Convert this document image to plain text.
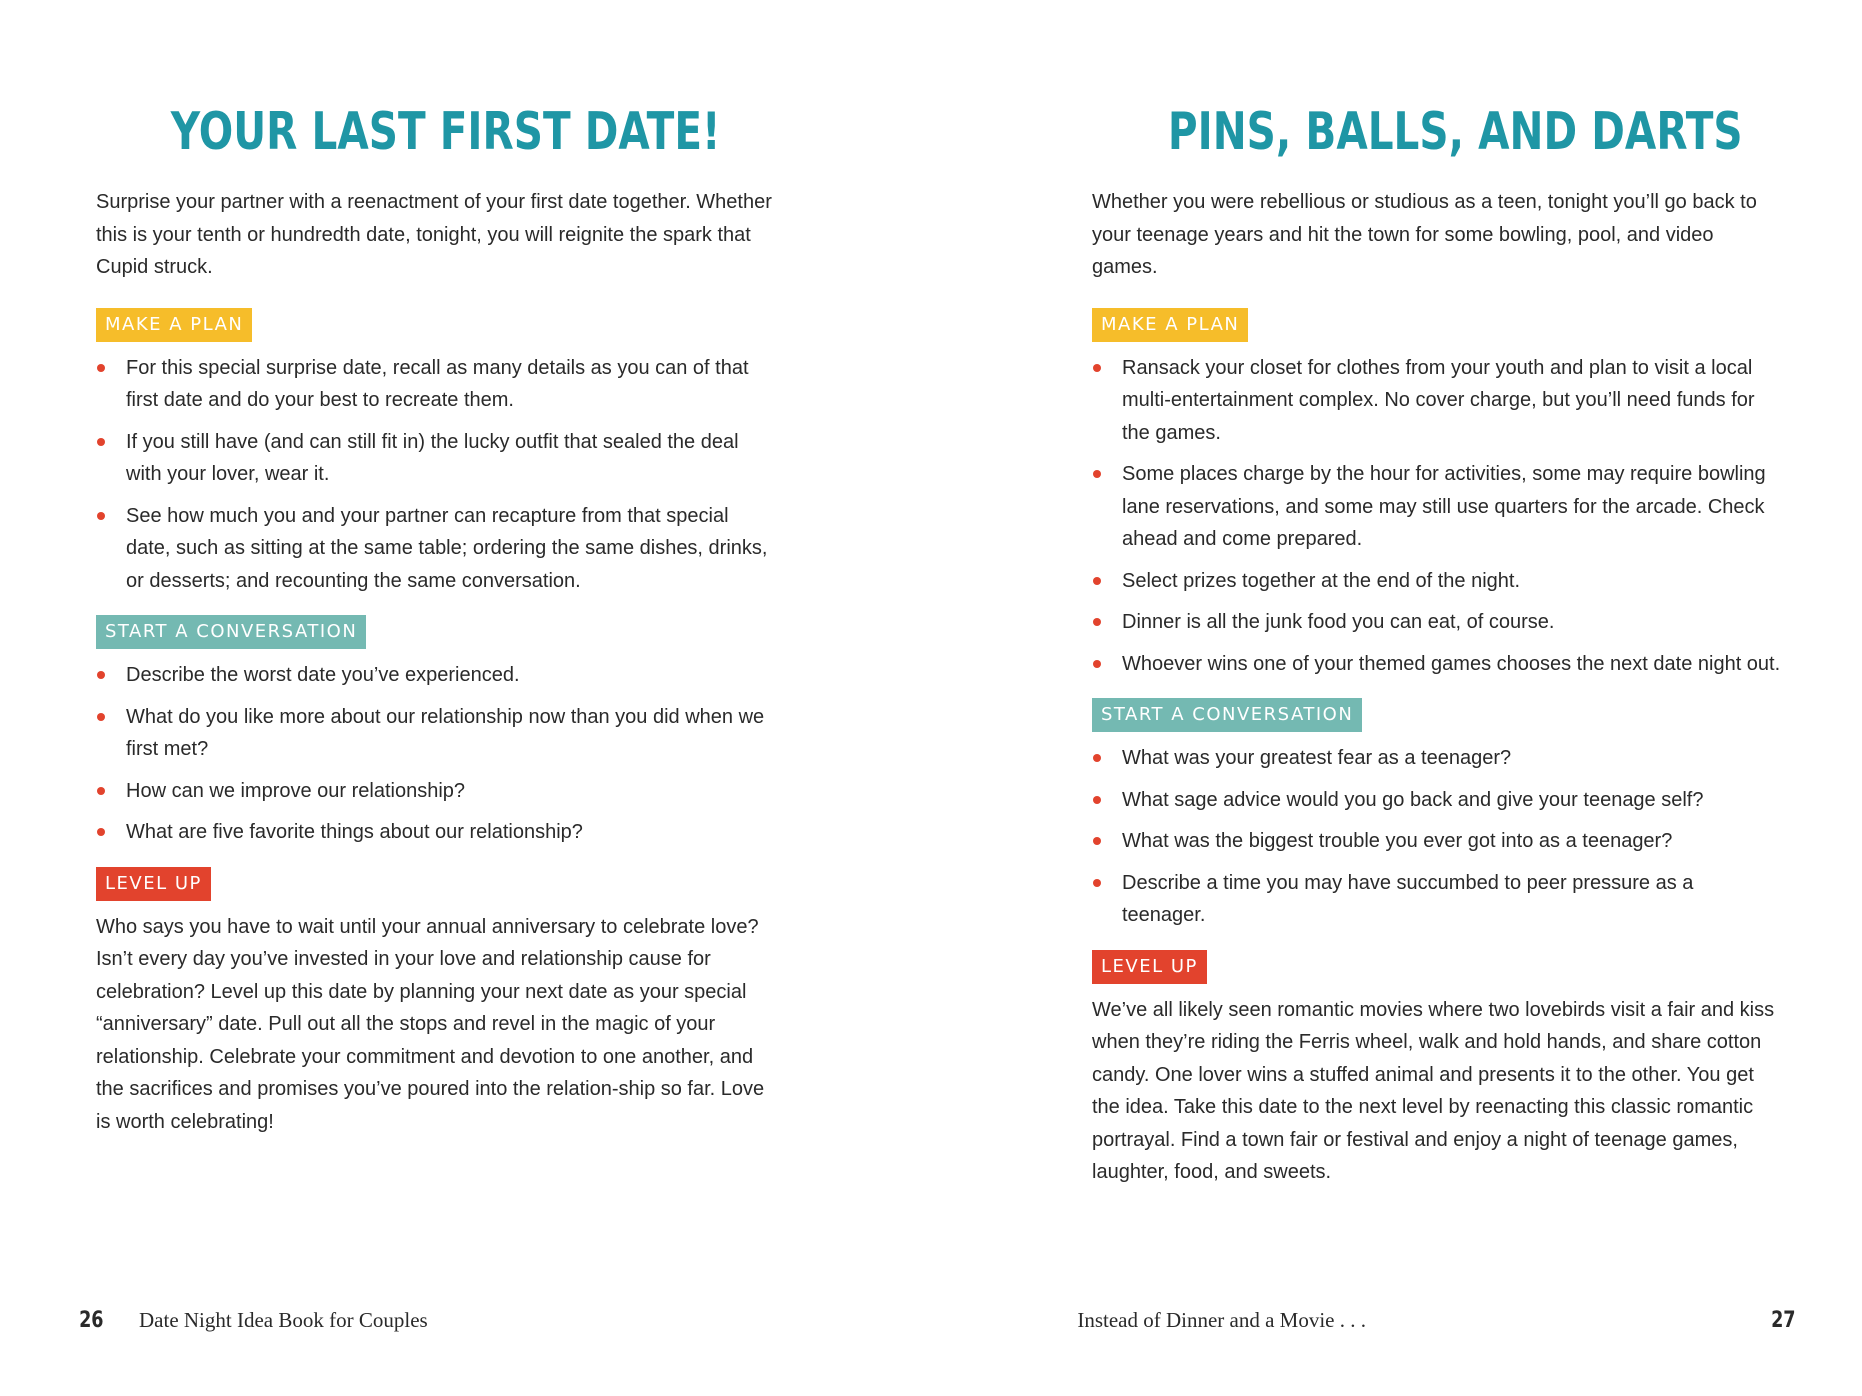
YOUR LAST FIRST DATE!

Surprise your partner with a reenactment of your first date together. Whether this is your tenth or hundredth date, tonight, you will reignite the spark that Cupid struck.

MAKE A PLAN
For this special surprise date, recall as many details as you can of that first date and do your best to recreate them.
If you still have (and can still fit in) the lucky outfit that sealed the deal with your lover, wear it.
See how much you and your partner can recapture from that special date, such as sitting at the same table; ordering the same dishes, drinks, or desserts; and recounting the same conversation.
START A CONVERSATION
Describe the worst date you’ve experienced.
What do you like more about our relationship now than you did when we first met?
How can we improve our relationship?
What are five favorite things about our relationship?
LEVEL UP

Who says you have to wait until your annual anniversary to celebrate love? Isn’t every day you’ve invested in your love and relationship cause for celebration? Level up this date by planning your next date as your special “anniversary” date. Pull out all the stops and revel in the magic of your relationship. Celebrate your commitment and devotion to one another, and the sacrifices and promises you’ve poured into the relation-ship so far. Love is worth celebrating!

26 Date Night Idea Book for Couples
PINS, BALLS, AND DARTS

Whether you were rebellious or studious as a teen, tonight you’ll go back to your teenage years and hit the town for some bowling, pool, and video games.

MAKE A PLAN
Ransack your closet for clothes from your youth and plan to visit a local multi-entertainment complex. No cover charge, but you’ll need funds for the games.
Some places charge by the hour for activities, some may require bowling lane reservations, and some may still use quarters for the arcade. Check ahead and come prepared.
Select prizes together at the end of the night.
Dinner is all the junk food you can eat, of course.
Whoever wins one of your themed games chooses the next date night out.
START A CONVERSATION
What was your greatest fear as a teenager?
What sage advice would you go back and give your teenage self?
What was the biggest trouble you ever got into as a teenager?
Describe a time you may have succumbed to peer pressure as a teenager.
LEVEL UP

We’ve all likely seen romantic movies where two lovebirds visit a fair and kiss when they’re riding the Ferris wheel, walk and hold hands, and share cotton candy. One lover wins a stuffed animal and presents it to the other. You get the idea. Take this date to the next level by reenacting this classic romantic portrayal. Find a town fair or festival and enjoy a night of teenage games, laughter, food, and sweets.

Instead of Dinner and a Movie . . .	27
